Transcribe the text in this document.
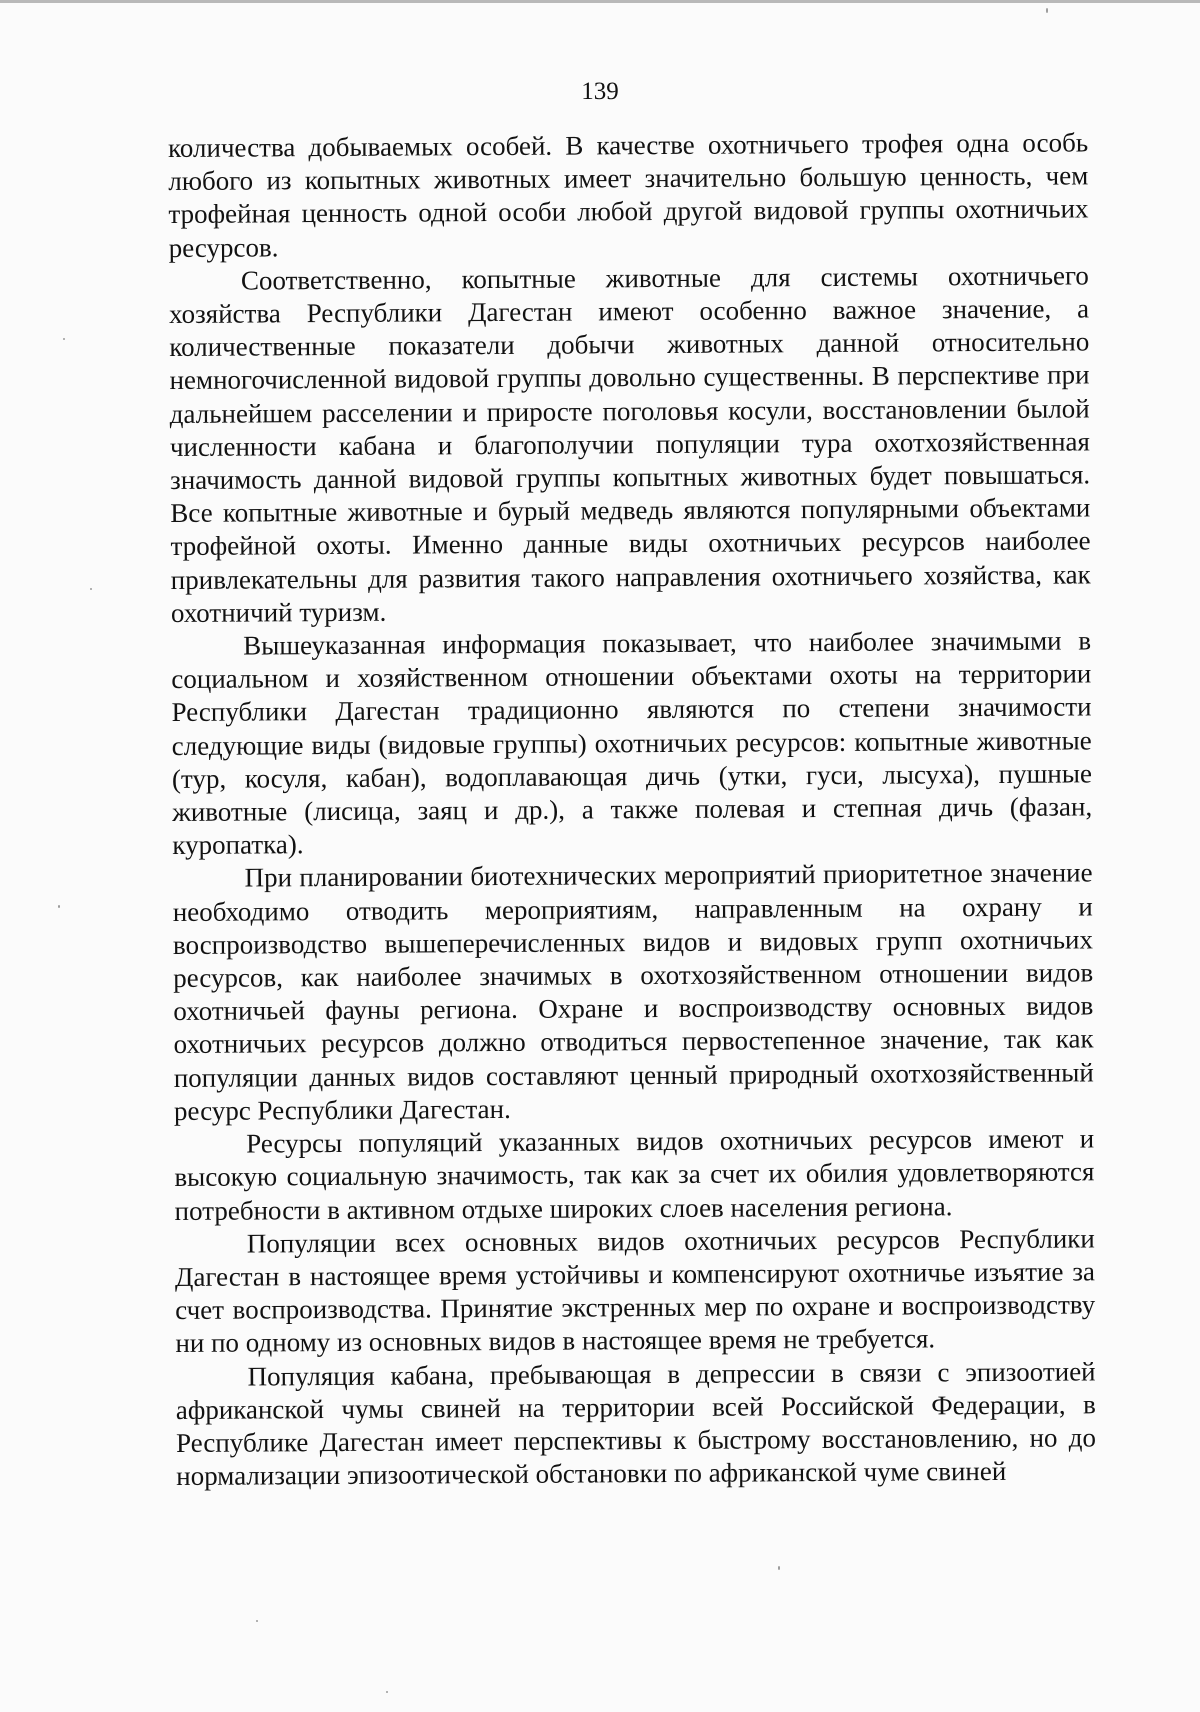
139

количества добываемых особей. В качестве охотничьего трофея одна особь любого из копытных животных имеет значительно большую ценность, чем трофейная ценность одной особи любой другой видовой группы охотничьих ресурсов.

Соответственно, копытные животные для системы охотничьего хозяйства Республики Дагестан имеют особенно важное значение, а количественные показатели добычи животных данной относительно немногочисленной видовой группы довольно существенны. В перспективе при дальнейшем расселении и приросте поголовья косули, восстановлении былой численности кабана и благополучии популяции тура охотхозяйственная значимость данной видовой группы копытных животных будет повышаться. Все копытные животные и бурый медведь являются популярными объектами трофейной охоты. Именно данные виды охотничьих ресурсов наиболее привлекательны для развития такого направления охотничьего хозяйства, как охотничий туризм.

Вышеуказанная информация показывает, что наиболее значимыми в социальном и хозяйственном отношении объектами охоты на территории Республики Дагестан традиционно являются по степени значимости следующие виды (видовые группы) охотничьих ресурсов: копытные животные (тур, косуля, кабан), водоплавающая дичь (утки, гуси, лысуха), пушные животные (лисица, заяц и др.), а также полевая и степная дичь (фазан, куропатка).

При планировании биотехнических мероприятий приоритетное значение необходимо отводить мероприятиям, направленным на охрану и воспроизводство вышеперечисленных видов и видовых групп охотничьих ресурсов, как наиболее значимых в охотхозяйственном отношении видов охотничьей фауны региона. Охране и воспроизводству основных видов охотничьих ресурсов должно отводиться первостепенное значение, так как популяции данных видов составляют ценный природный охотхозяйственный ресурс Республики Дагестан.

Ресурсы популяций указанных видов охотничьих ресурсов имеют и высокую социальную значимость, так как за счет их обилия удовлетворяются потребности в активном отдыхе широких слоев населения региона.

Популяции всех основных видов охотничьих ресурсов Республики Дагестан в настоящее время устойчивы и компенсируют охотничье изъятие за счет воспроизводства. Принятие экстренных мер по охране и воспроизводству ни по одному из основных видов в настоящее время не требуется.

Популяция кабана, пребывающая в депрессии в связи с эпизоотией африканской чумы свиней на территории всей Российской Федерации, в Республике Дагестан имеет перспективы к быстрому восстановлению, но до нормализации эпизоотической обстановки по африканской чуме свиней
